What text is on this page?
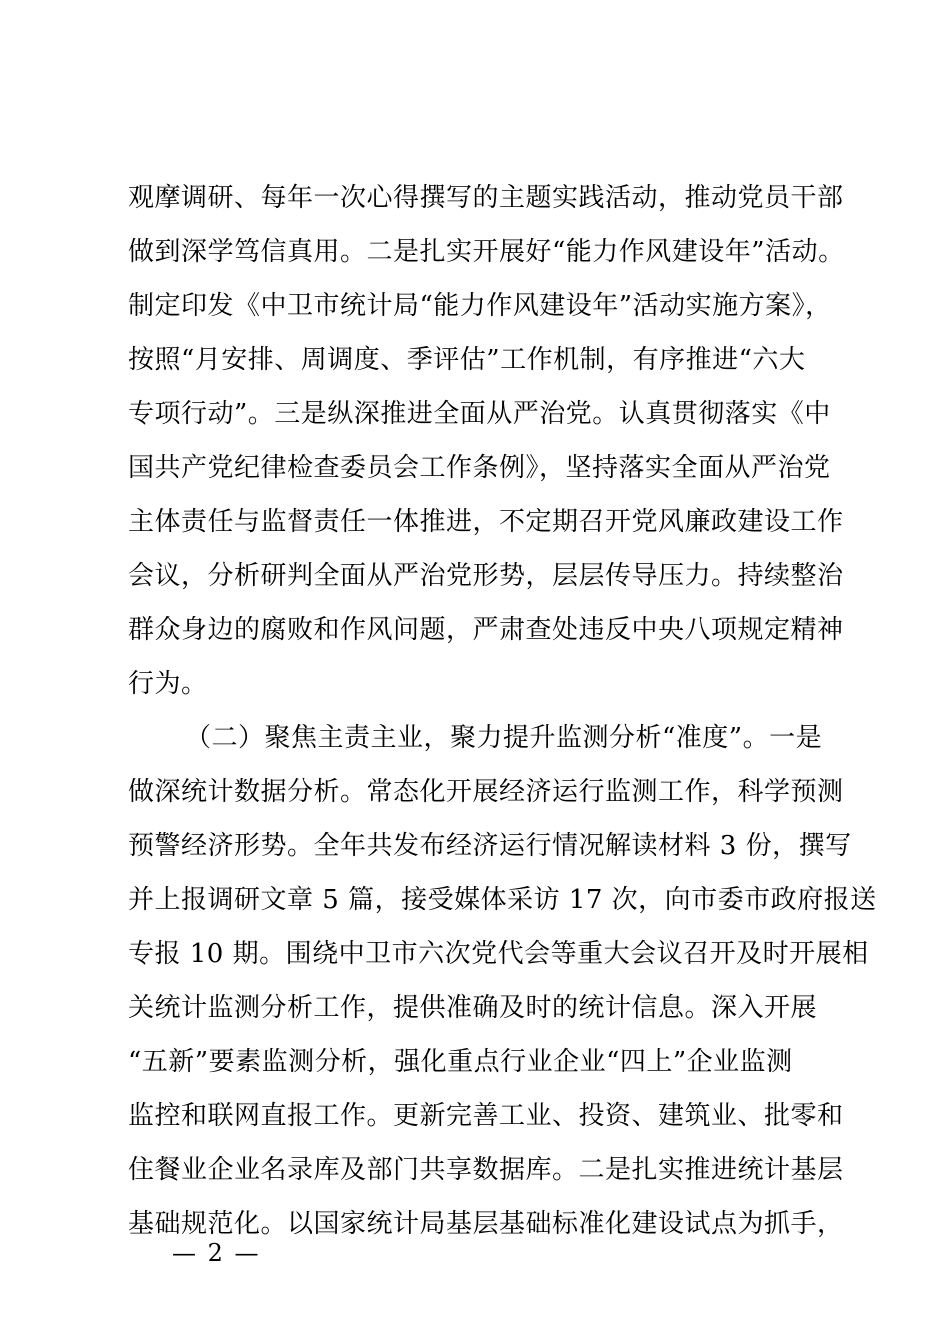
观摩调研、每年一次心得撰写的主题实践活动，推动党员干部
做到深学笃信真用。二是扎实开展好“能力作风建设年”活动。
制定印发《中卫市统计局“能力作风建设年”活动实施方案》，
按照“月安排、周调度、季评估”工作机制，有序推进“六大
专项行动”。三是纵深推进全面从严治党。认真贯彻落实《中
国共产党纪律检查委员会工作条例》，坚持落实全面从严治党
主体责任与监督责任一体推进，不定期召开党风廉政建设工作
会议，分析研判全面从严治党形势，层层传导压力。持续整治
群众身边的腐败和作风问题，严肃查处违反中央八项规定精神
行为。
（二）聚焦主责主业，聚力提升监测分析“准度”。一是
做深统计数据分析。常态化开展经济运行监测工作，科学预测
预警经济形势。全年共发布经济运行情况解读材料 3 份，撰写
并上报调研文章 5 篇，接受媒体采访 17 次，向市委市政府报送
专报 10 期。围绕中卫市六次党代会等重大会议召开及时开展相
关统计监测分析工作，提供准确及时的统计信息。深入开展
“五新”要素监测分析，强化重点行业企业“四上”企业监测
监控和联网直报工作。更新完善工业、投资、建筑业、批零和
住餐业企业名录库及部门共享数据库。二是扎实推进统计基层
基础规范化。以国家统计局基层基础标准化建设试点为抓手，
— 2 —
